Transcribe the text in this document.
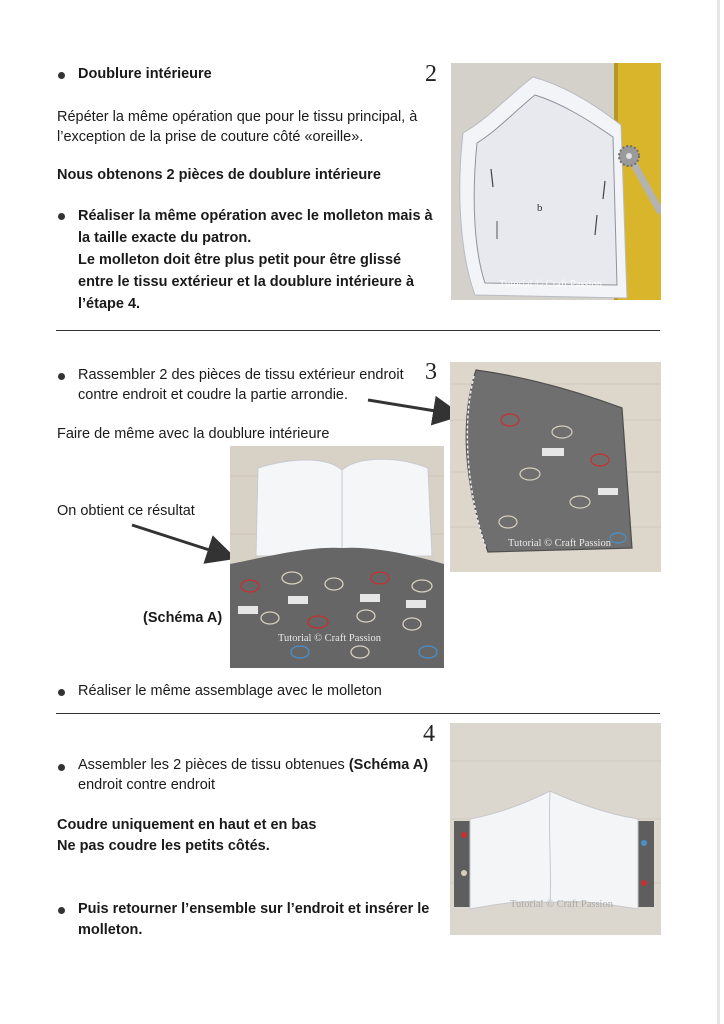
Doublure intérieure	2
Répéter la même opération que pour le tissu principal, à
l’exception de la prise de couture côté «oreille».
Nous obtenons 2 pièces de doublure intérieure
Réaliser la même opération avec le molleton mais à
la taille exacte du patron.
Le molleton doit être plus petit pour être glissé
entre le tissu extérieur et la doublure intérieure à
l’étape 4.
b
Tutorial © Craft Passion
Rassembler 2 des pièces de tissu extérieur endroit
contre endroit et coudre la partie arrondie.
3
Faire de même avec la doublure intérieure
On obtient ce résultat
(Schéma A)
Tutorial © Craft Passion
Tutorial © Craft Passion
Réaliser le même assemblage avec le molleton
4
Assembler les 2 pièces de tissu obtenues (Schéma A)
endroit contre endroit
Coudre uniquement en haut et en bas
Ne pas coudre les petits côtés.
Puis retourner l’ensemble sur l’endroit et insérer le
molleton.
Tutorial © Craft Passion
